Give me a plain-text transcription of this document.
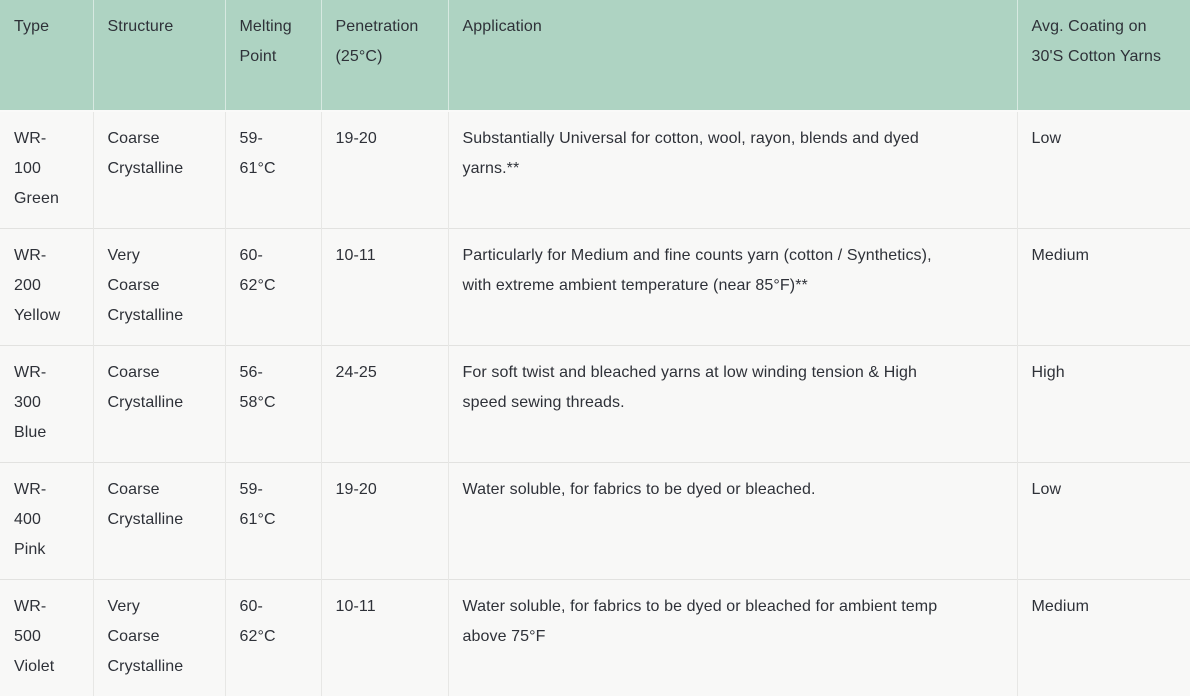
Type	Structure	Melting Point	Penetration (25°C)	Application	Avg. Coating on 30'S Cotton Yarns
WR-100 Green	Coarse Crystalline	59-61°C	19-20	Substantially Universal for cotton, wool, rayon, blends and dyed yarns.**	Low
WR-200 Yellow	Very Coarse Crystalline	60-62°C	10-11	Particularly for Medium and fine counts yarn (cotton / Synthetics), with extreme ambient temperature (near 85°F)**	Medium
WR-300 Blue	Coarse Crystalline	56-58°C	24-25	For soft twist and bleached yarns at low winding tension & High speed sewing threads.	High
WR-400 Pink	Coarse Crystalline	59-61°C	19-20	Water soluble, for fabrics to be dyed or bleached.	Low
WR-500 Violet	Very Coarse Crystalline	60-62°C	10-11	Water soluble, for fabrics to be dyed or bleached for ambient temp above 75°F	Medium
